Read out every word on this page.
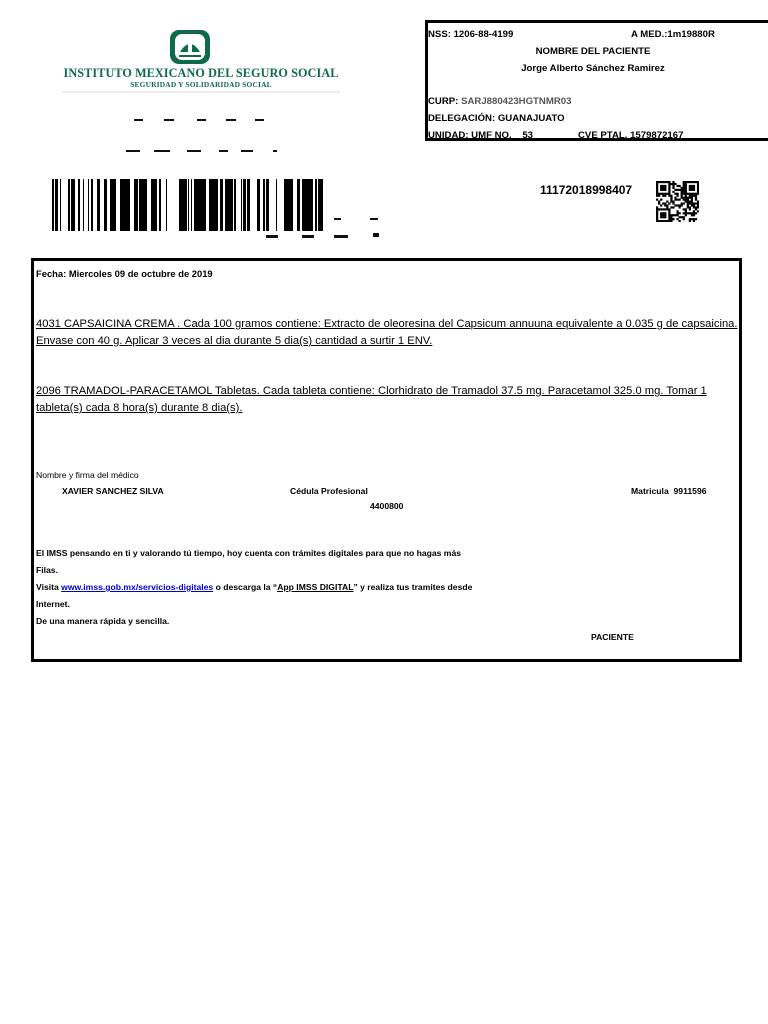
INSTITUTO MEXICANO DEL SEGURO SOCIAL
SEGURIDAD Y SOLIDARIDAD SOCIAL
NSS: 1206-88-4199	A MED.:1m19880R
NOMBRE DEL PACIENTE
Jorge Alberto Sánchez Ramirez
CURP: SARJ880423HGTNMR03
DELEGACIÓN: GUANAJUATO
UNIDAD: UMF NO. 53	CVE PTAL. 1579872167
11172018998407
Fecha: Miercoles 09 de octubre de 2019
4031 CAPSAICINA CREMA . Cada 100 gramos contiene: Extracto de oleoresina del Capsicum annuuna equivalente a 0.035 g de capsaicina. Envase con 40 g. Aplicar 3 veces al dia durante 5 dia(s) cantidad a surtir 1 ENV.
2096 TRAMADOL-PARACETAMOL Tabletas. Cada tableta contiene: Clorhidrato de Tramadol 37.5 mg. Paracetamol 325.0 mg. Tomar 1 tableta(s) cada 8 hora(s) durante 8 dia(s).
Nombre y firma del médico
XAVIER SANCHEZ SILVA	Cédula Profesional
4400800
Matricula 9911596
El IMSS pensando en ti y valorando tú tiempo, hoy cuenta con trámites digitales para que no hagas más
Filas.
Visita www.imss.gob.mx/servicios-digitales o descarga la “App IMSS DIGITAL” y realiza tus tramites desde
Internet.
De una manera rápida y sencilla.
PACIENTE
